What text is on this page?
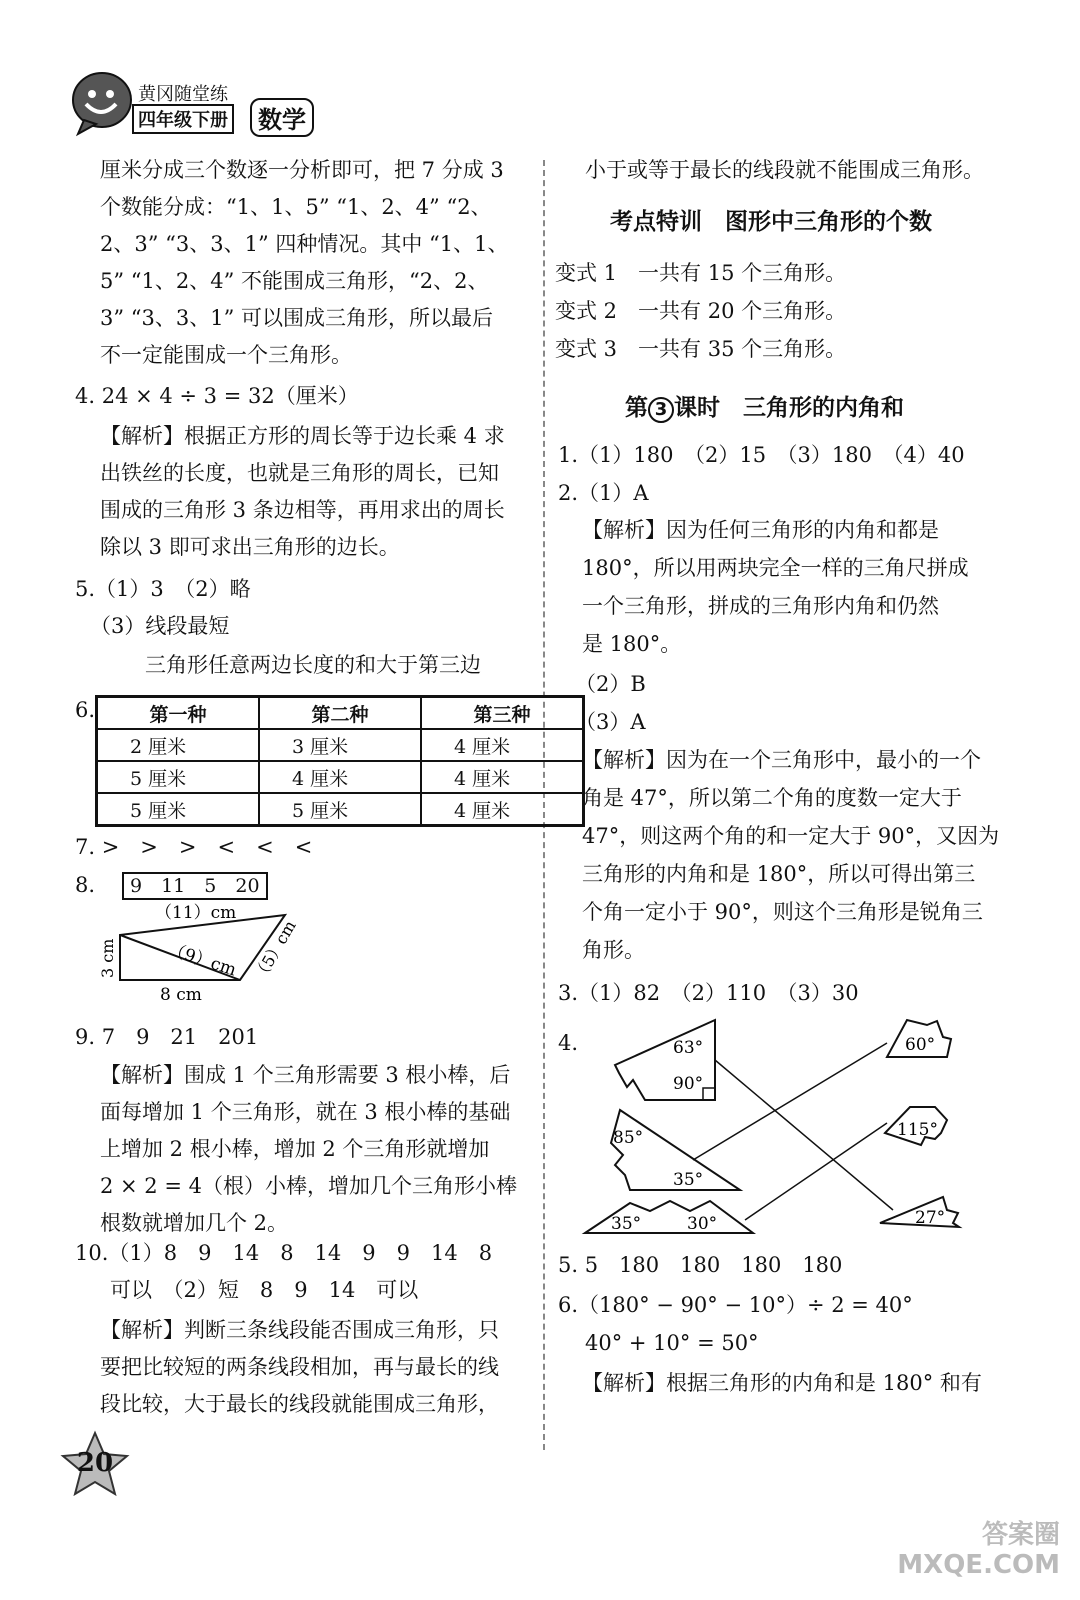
黄冈随堂练
四年级下册	数学
厘米分成三个数逐一分析即可，把 7 分成 3
个数能分成：“1、1、5” “1、2、4” “2、
2、3” “3、3、1” 四种情况。其中 “1、1、
5” “1、2、4” 不能围成三角形，“2、2、
3” “3、3、1” 可以围成三角形，所以最后
不一定能围成一个三角形。
4. 24 × 4 ÷ 3 = 32（厘米）
【解析】根据正方形的周长等于边长乘 4 求
出铁丝的长度，也就是三角形的周长，已知
围成的三角形 3 条边相等，再用求出的周长
除以 3 即可求出三角形的边长。
5.（1）3　（2）略
（3）线段最短
三角形任意两边长度的和大于第三边
6.	第一种	第二种	第三种
2 厘米	3 厘米	4 厘米
5 厘米	4 厘米	4 厘米
5 厘米	5 厘米	4 厘米
7. >　>　>　<　<　<
8.	9　11　5　20
（11）cm
（9）cm
3 cm	（5）cm
8 cm
9. 7　9　21　201
【解析】围成 1 个三角形需要 3 根小棒，后
面每增加 1 个三角形，就在 3 根小棒的基础
上增加 2 根小棒，增加 2 个三角形就增加
2 × 2 = 4（根）小棒，增加几个三角形小棒
根数就增加几个 2。
10.（1）8　9　14　8　14　9　9　14　8
可以　（2）短　8　9　14　可以
【解析】判断三条线段能否围成三角形，只
要把比较短的两条线段相加，再与最长的线
段比较，大于最长的线段就能围成三角形，
小于或等于最长的线段就不能围成三角形。
考点特训　图形中三角形的个数
变式 1　一共有 15 个三角形。
变式 2　一共有 20 个三角形。
变式 3　一共有 35 个三角形。
第 3 课时　三角形的内角和
1.（1）180　（2）15　（3）180　（4）40
2.（1）A
【解析】因为任何三角形的内角和都是
180°，所以用两块完全一样的三角尺拼成
一个三角形，拼成的三角形内角和仍然
是 180°。
（2）B
（3）A
【解析】因为在一个三角形中，最小的一个
角是 47°，所以第二个角的度数一定大于
47°，则这两个角的和一定大于 90°，又因为
三角形的内角和是 180°，所以可得出第三
个角一定小于 90°，则这个三角形是锐角三
角形。
3.（1）82　（2）110　（3）30
4.	63°
90°
85°
35°
35°	30°
60°
115°
27°
5. 5　180　180　180　180
6.（180° − 90° − 10°）÷ 2 = 40°
40° + 10° = 50°
【解析】根据三角形的内角和是 180° 和有
20
答案圈 MXQE.COM
